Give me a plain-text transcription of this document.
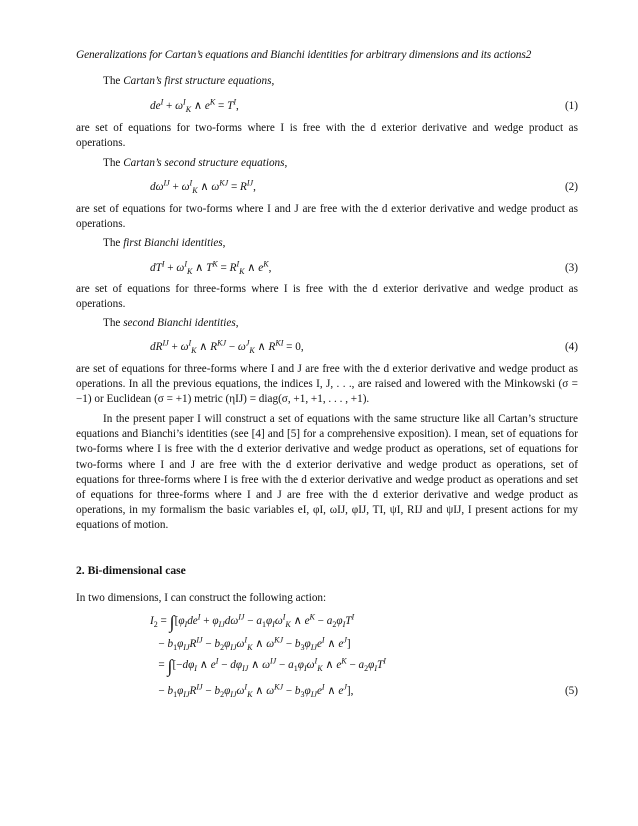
Generalizations for Cartan’s equations and Bianchi identities for arbitrary dimensions and its actions2
The Cartan’s first structure equations,
$de^I + \omega^I_K$ ∧ $e^K = T^I$,	(1)
are set of equations for two-forms where I is free with the d exterior derivative and wedge product as operations.
The Cartan’s second structure equations,
$d\omega^{IJ} + \omega^I_K$ ∧ $\omega^{KJ} = R^{IJ}$,	(2)
are set of equations for two-forms where I and J are free with the d exterior derivative and wedge product as operations.
The first Bianchi identities,
$dT^I + \omega^I_K$ ∧ $T^K = R^I_K$ ∧ $e^K$,	(3)
are set of equations for three-forms where I is free with the d exterior derivative and wedge product as operations.
The second Bianchi identities,
$dR^{IJ} + \omega^I_K$ ∧ $R^{KJ} - \omega^J_K$ ∧ $R^{KI} = 0$,	(4)
are set of equations for three-forms where I and J are free with the d exterior derivative and wedge product as operations. In all the previous equations, the indices I, J, . . ., are raised and lowered with the Minkowski (σ = −1) or Euclidean (σ = +1) metric (ηIJ) = diag(σ, +1, +1, . . . , +1).
In the present paper I will construct a set of equations with the same structure like all Cartan’s structure equations and Bianchi’s identities (see [4] and [5] for a comprehensive exposition). I mean, set of equations for two-forms where I is free with the d exterior derivative and wedge product as operations, set of equations for two-forms where I and J are free with the d exterior derivative and wedge product as operations, set of equations for three-forms where I is free with the d exterior derivative and wedge product as operations and set of equations for three-forms where I and J are free with the d exterior derivative and wedge product as operations, in my formalism the basic variables eI, φI, ωIJ, φIJ, TI, ψI, RIJ and ψIJ, I present actions for my equations of motion.
2. Bi-dimensional case
In two dimensions, I can construct the following action:
$I_2 = \int[\varphi_Ide^I + \varphi_{IJ}d\omega^{IJ} - a_1\varphi_I\omega^I_K$ ∧ $e^K - a_2\varphi_IT^I$
− $b_1\varphi_{IJ}R^{IJ} - b_2\varphi_{IJ}\omega^I_K$ ∧ $\omega^{KJ} - b_3\varphi_{IJ}e^I$ ∧ $e^J$]
= $\int[-d\varphi_I$ ∧ $e^I - d\varphi_{IJ}$ ∧ $\omega^{IJ} - a_1\varphi_I\omega^I_K$ ∧ $e^K - a_2\varphi_IT^I$
− $b_1\varphi_{IJ}R^{IJ} - b_2\varphi_{IJ}\omega^I_K$ ∧ $\omega^{KJ} - b_3\varphi_{IJ}e^I$ ∧ $e^J$],	(5)
